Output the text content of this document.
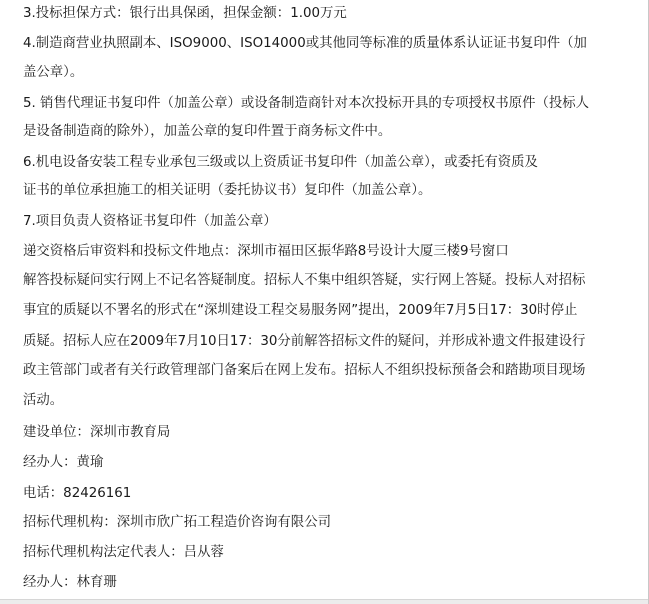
3.投标担保方式：银行出具保函，担保金额：1.00万元
4.制造商营业执照副本、ISO9000、ISO14000或其他同等标准的质量体系认证证书复印件（加
盖公章）。
5. 销售代理证书复印件（加盖公章）或设备制造商针对本次投标开具的专项授权书原件（投标人
是设备制造商的除外），加盖公章的复印件置于商务标文件中。
6.机电设备安装工程专业承包三级或以上资质证书复印件（加盖公章），或委托有资质及
证书的单位承担施工的相关证明（委托协议书）复印件（加盖公章）。
7.项目负责人资格证书复印件（加盖公章）
递交资格后审资料和投标文件地点：深圳市福田区振华路8号设计大厦三楼9号窗口
解答投标疑问实行网上不记名答疑制度。招标人不集中组织答疑，实行网上答疑。投标人对招标
事宜的质疑以不署名的形式在“深圳建设工程交易服务网”提出，2009年7月5日17：30时停止
质疑。招标人应在2009年7月10日17：30分前解答招标文件的疑问，并形成补遗文件报建设行
政主管部门或者有关行政管理部门备案后在网上发布。招标人不组织投标预备会和踏勘项目现场
活动。
建设单位：深圳市教育局
经办人：黄瑜
电话：82426161
招标代理机构：深圳市欣广拓工程造价咨询有限公司
招标代理机构法定代表人：吕从蓉
经办人：林育珊
